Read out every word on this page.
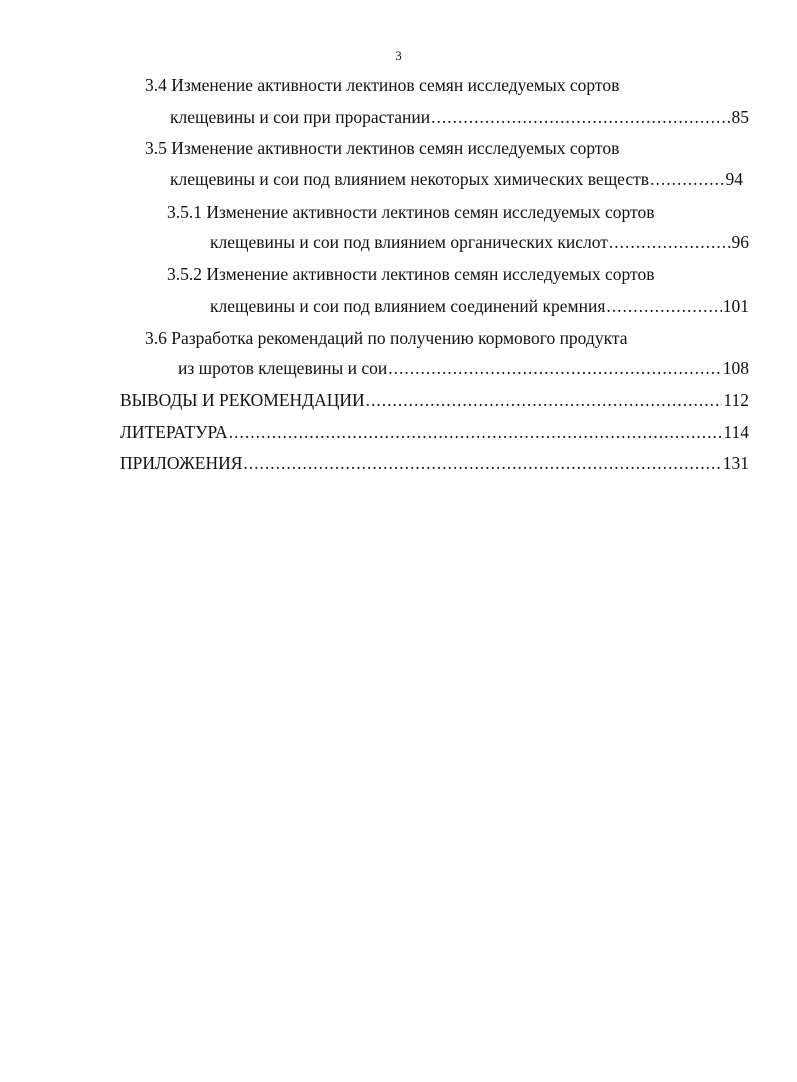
3
3.4 Изменение активности лектинов семян исследуемых сортов
клещевины и сои при прорастании .....	85
3.5 Изменение активности лектинов семян исследуемых сортов
клещевины и сои под влиянием некоторых химических веществ .....	94
3.5.1 Изменение активности лектинов семян исследуемых сортов
клещевины и сои под влиянием органических кислот .....	96
3.5.2 Изменение активности лектинов семян исследуемых сортов
клещевины и сои под влиянием соединений кремния .....	101
3.6 Разработка рекомендаций по получению кормового продукта
из шротов клещевины и сои .....	108
ВЫВОДЫ И РЕКОМЕНДАЦИИ .....	112
ЛИТЕРАТУРА .....	114
ПРИЛОЖЕНИЯ .....	131
